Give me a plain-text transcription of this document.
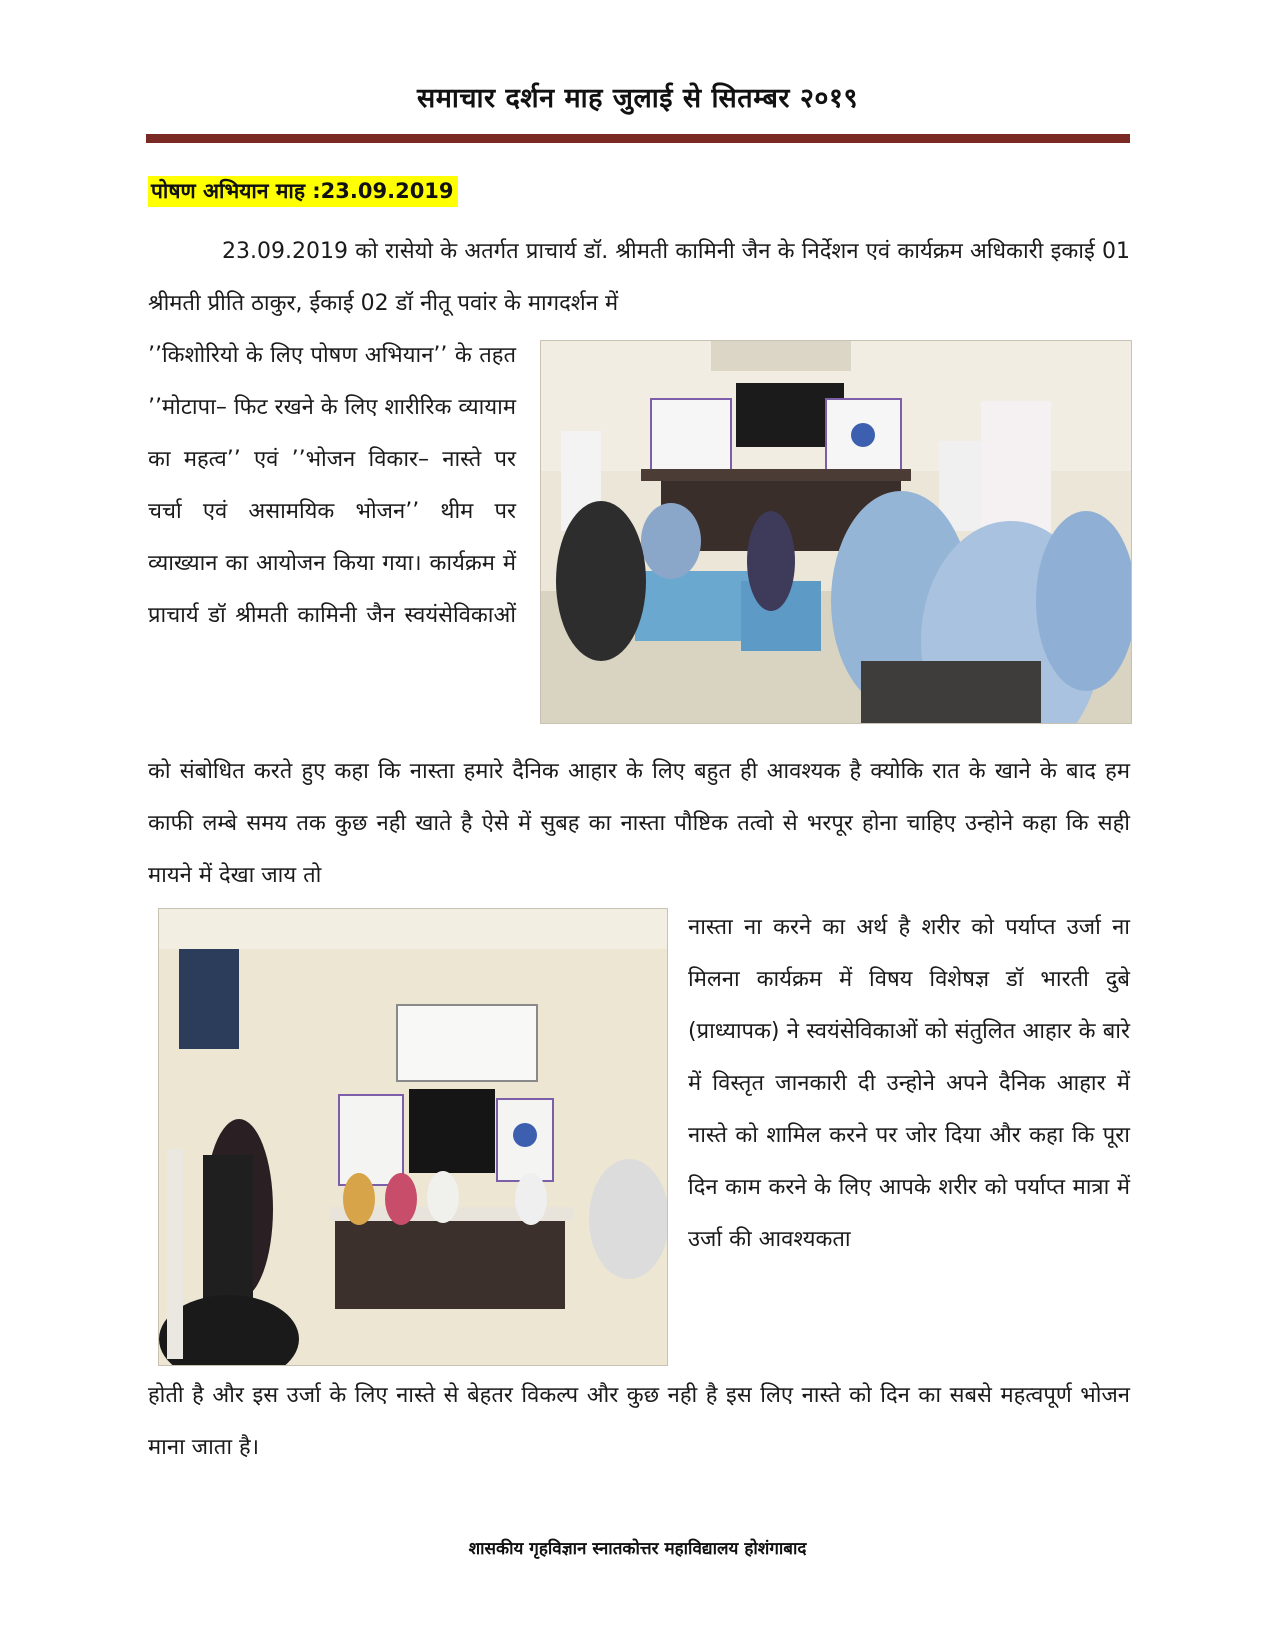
समाचार दर्शन माह जुलाई से सितम्बर २०१९
पोषण अभियान माह :23.09.2019

23.09.2019 को रासेयो के अतर्गत प्राचार्य डॉ. श्रीमती कामिनी जैन के निर्देशन एवं कार्यक्रम अधिकारी इकाई 01 श्रीमती प्रीति ठाकुर, ईकाई 02 डॉ नीतू पवांर के मागदर्शन में

’’किशोरियो के लिए पोषण अभियान’’ के तहत ’’मोटापा– फिट रखने के लिए शारीरिक व्यायाम का महत्व’’ एवं ’’भोजन विकार– नास्ते पर चर्चा एवं असामयिक भोजन’’ थीम पर व्याख्यान का आयोजन किया गया। कार्यक्रम में प्राचार्य डॉ श्रीमती कामिनी जैन स्वयंसेविकाओं

को संबोधित करते हुए कहा कि नास्ता हमारे दैनिक आहार के लिए बहुत ही आवश्यक है क्योकि रात के खाने के बाद हम काफी लम्बे समय तक कुछ नही खाते है ऐसे में सुबह का नास्ता पौष्टिक तत्वो से भरपूर होना चाहिए उन्होने कहा कि सही मायने में देखा जाय तो

नास्ता ना करने का अर्थ है शरीर को पर्याप्त उर्जा ना मिलना कार्यक्रम में विषय विशेषज्ञ डॉ भारती दुबे (प्राध्यापक) ने स्वयंसेविकाओं को संतुलित आहार के बारे में विस्तृत जानकारी दी उन्होने अपने दैनिक आहार में नास्ते को शामिल करने पर जोर दिया और कहा कि पूरा दिन काम करने के लिए आपके शरीर को पर्याप्त मात्रा में उर्जा की आवश्यकता

होती है और इस उर्जा के लिए नास्ते से बेहतर विकल्प और कुछ नही है इस लिए नास्ते को दिन का सबसे महत्वपूर्ण भोजन माना जाता है।

शासकीय गृहविज्ञान स्नातकोत्तर महाविद्यालय होशंगाबाद
